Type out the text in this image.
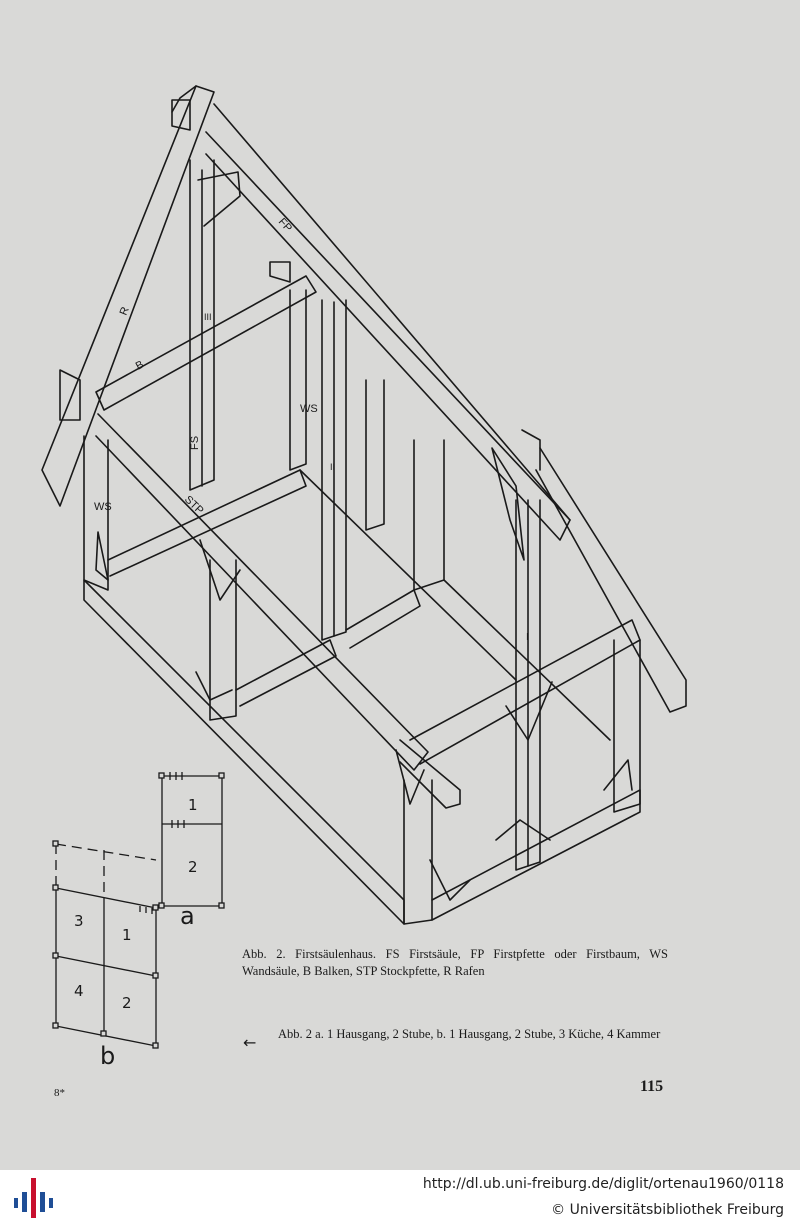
FP
R
B
FS
WS
WS
STP
III
II
I
1
2
a
3
1
4
2
b
Abb. 2. Firstsäulenhaus. FS Firstsäule, FP Firstpfette oder Firstbaum, WS Wandsäule, B Balken, STP Stockpfette, R Rafen
← Abb. 2 a. 1 Hausgang, 2 Stube, b. 1 Hausgang, 2 Stube, 3 Küche, 4 Kammer
8*	115
http://dl.ub.uni-freiburg.de/diglit/ortenau1960/0118
© Universitätsbibliothek Freiburg
